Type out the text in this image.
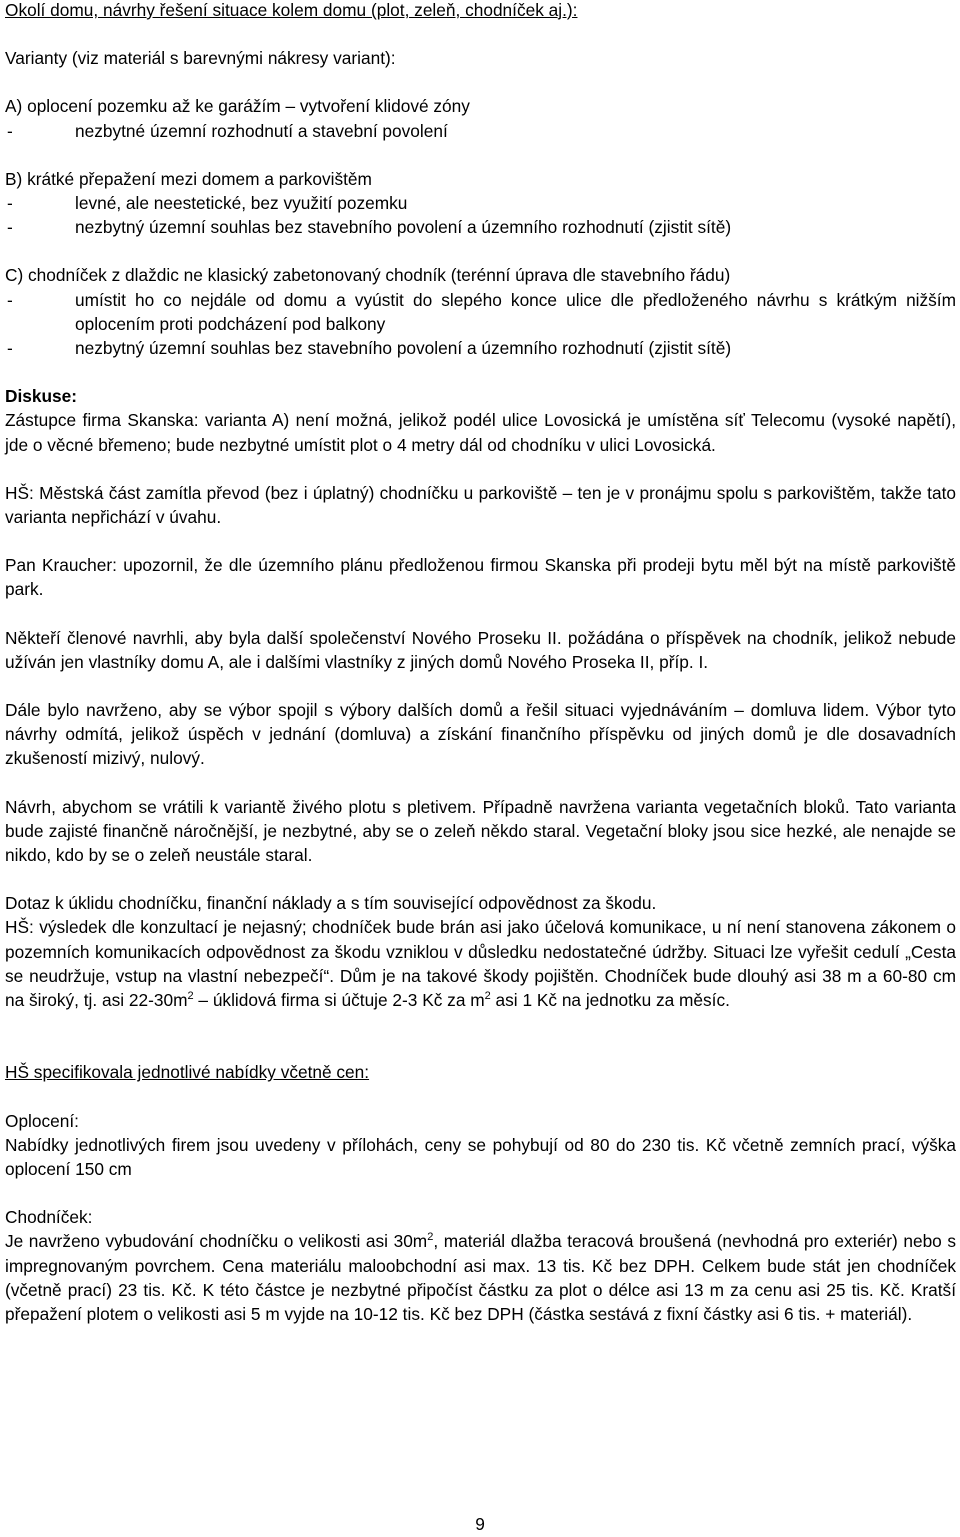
Okolí domu, návrhy řešení situace kolem domu (plot, zeleň, chodníček aj.):

Varianty (viz materiál s barevnými nákresy variant):

A) oplocení pozemku až ke garážím – vytvoření klidové zóny

-	nezbytné územní rozhodnutí a stavební povolení

B) krátké přepažení mezi domem a parkovištěm

-	levné, ale neestetické, bez využití pozemku
-	nezbytný územní souhlas bez stavebního povolení a územního rozhodnutí (zjistit sítě)

C) chodníček z dlaždic ne klasický zabetonovaný chodník (terénní úprava dle stavebního řádu)

-	umístit ho co nejdále od domu a vyústit do slepého konce ulice dle předloženého návrhu s krátkým nižším oplocením proti podcházení pod balkony
-	nezbytný územní souhlas bez stavebního povolení a územního rozhodnutí (zjistit sítě)

Diskuse:

Zástupce firma Skanska: varianta A) není možná, jelikož podél ulice Lovosická je umístěna síť Telecomu (vysoké napětí), jde o věcné břemeno; bude nezbytné umístit plot o 4 metry dál od chodníku v ulici Lovosická.

HŠ: Městská část zamítla převod (bez i úplatný) chodníčku u parkoviště – ten je v pronájmu spolu s parkovištěm, takže tato varianta nepřichází v úvahu.

Pan Kraucher: upozornil, že dle územního plánu předloženou firmou Skanska při prodeji bytu měl být na místě parkoviště park.

Někteří členové navrhli, aby byla další společenství Nového Proseku II. požádána o příspěvek na chodník, jelikož nebude užíván jen vlastníky domu A, ale i dalšími vlastníky z jiných domů Nového Proseka II, příp. I.

Dále bylo navrženo, aby se výbor spojil s výbory dalších domů a řešil situaci vyjednáváním – domluva lidem. Výbor tyto návrhy odmítá, jelikož úspěch v jednání (domluva) a získání finančního příspěvku od jiných domů je dle dosavadních zkušeností mizivý, nulový.

Návrh, abychom se vrátili k variantě živého plotu s pletivem. Případně navržena varianta vegetačních bloků. Tato varianta bude zajisté finančně náročnější, je nezbytné, aby se o zeleň někdo staral. Vegetační bloky jsou sice hezké, ale nenajde se nikdo, kdo by se o zeleň neustále staral.

Dotaz k úklidu chodníčku, finanční náklady a s tím související odpovědnost za škodu.

HŠ: výsledek dle konzultací je nejasný; chodníček bude brán asi jako účelová komunikace, u ní není stanovena zákonem o pozemních komunikacích odpovědnost za škodu vzniklou v důsledku nedostatečné údržby. Situaci lze vyřešit cedulí „Cesta se neudržuje, vstup na vlastní nebezpečí“. Dům je na takové škody pojištěn. Chodníček bude dlouhý asi 38 m a 60-80 cm na široký, tj. asi $22-30m^2$ – úklidová firma si účtuje 2-3 Kč za $m^2$ asi 1 Kč na jednotku za měsíc.

HŠ specifikovala jednotlivé nabídky včetně cen:

Oplocení:

Nabídky jednotlivých firem jsou uvedeny v přílohách, ceny se pohybují od 80 do 230 tis. Kč včetně zemních prací, výška oplocení 150 cm

Chodníček:

Je navrženo vybudování chodníčku o velikosti asi $30m^2$, materiál dlažba teracová broušená (nevhodná pro exteriér) nebo s impregnovaným povrchem. Cena materiálu maloobchodní asi max. 13 tis. Kč bez DPH. Celkem bude stát jen chodníček (včetně prací) 23 tis. Kč. K této částce je nezbytné připočíst částku za plot o délce asi 13 m za cenu asi 25 tis. Kč. Kratší přepažení plotem o velikosti asi 5 m vyjde na 10-12 tis. Kč bez DPH (částka sestává z fixní částky asi 6 tis. + materiál).

9
